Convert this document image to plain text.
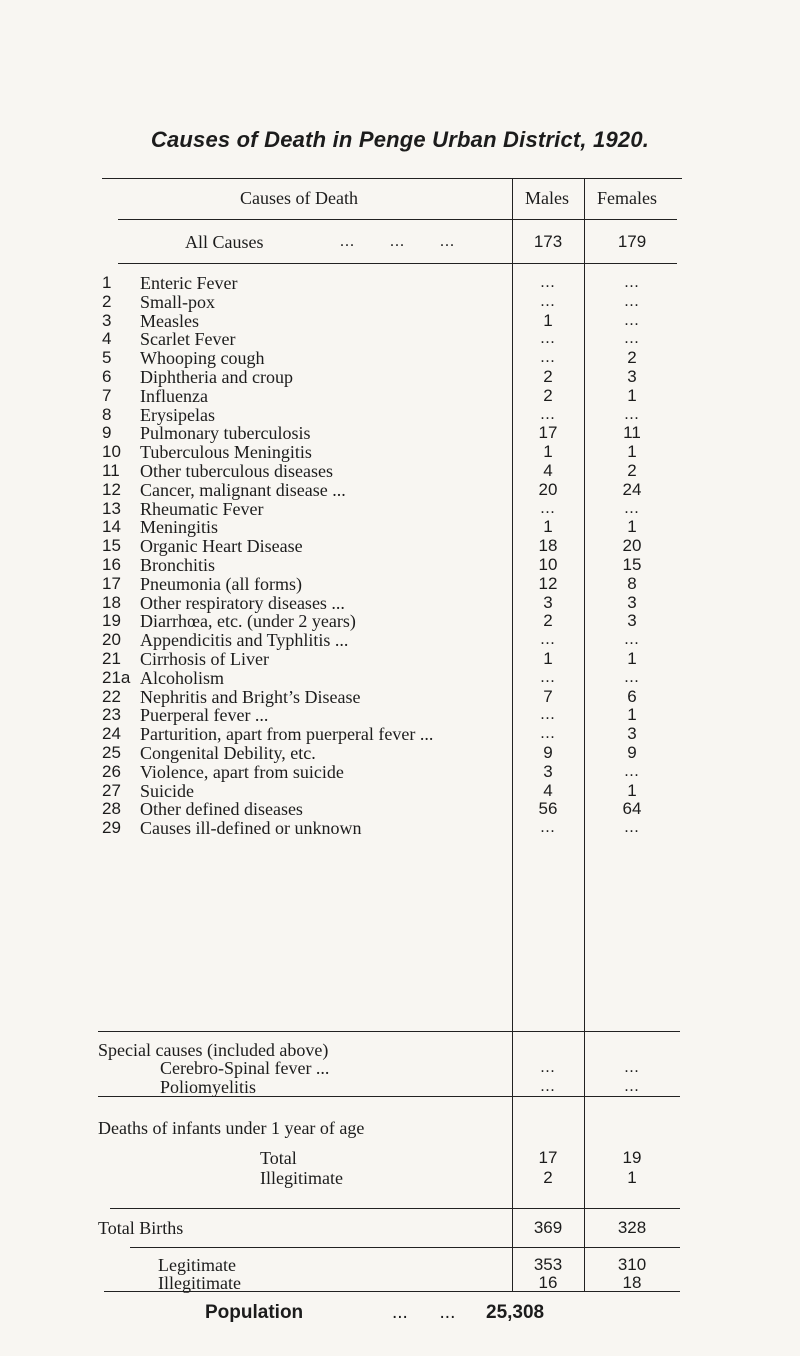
Causes of Death in Penge Urban District, 1920.
Causes of Death	Males Females
All Causes	...       ...       ...	173	179
1 Enteric Fever	...	...
2 Small-pox	...	...
3 Measles	1	...
4 Scarlet Fever	...	...
5 Whooping cough	...	2
6 Diphtheria and croup	2	3
7 Influenza	2	1
8 Erysipelas	...	...
9 Pulmonary tuberculosis	17	11
10 Tuberculous Meningitis	1	1
11 Other tuberculous diseases	4	2
12 Cancer, malignant disease ...	20	24
13 Rheumatic Fever	...	...
14 Meningitis	1	1
15 Organic Heart Disease	18	20
16 Bronchitis	10	15
17 Pneumonia (all forms)	12	8
18 Other respiratory diseases ...	3	3
19 Diarrhœa, etc. (under 2 years)	2	3
20 Appendicitis and Typhlitis ...	...	...
21 Cirrhosis of Liver	1	1
21a Alcoholism	...	...
22 Nephritis and Bright’s Disease	7	6
23 Puerperal fever ...	...	1
24 Parturition, apart from puerperal fever ...	...	3
25 Congenital Debility, etc.	9	9
26 Violence, apart from suicide	3	...
27 Suicide	4	1
28 Other defined diseases	56	64
29 Causes ill-defined or unknown	...	...
Special causes (included above)
Cerebro-Spinal fever ...	...	...
Poliomyelitis	...	...
Deaths of infants under 1 year of age
Total	17	19
Illegitimate	2	1
Total Births	369	328
Legitimate	353	310
Illegitimate	16	18
Population	...      ... 25,308
